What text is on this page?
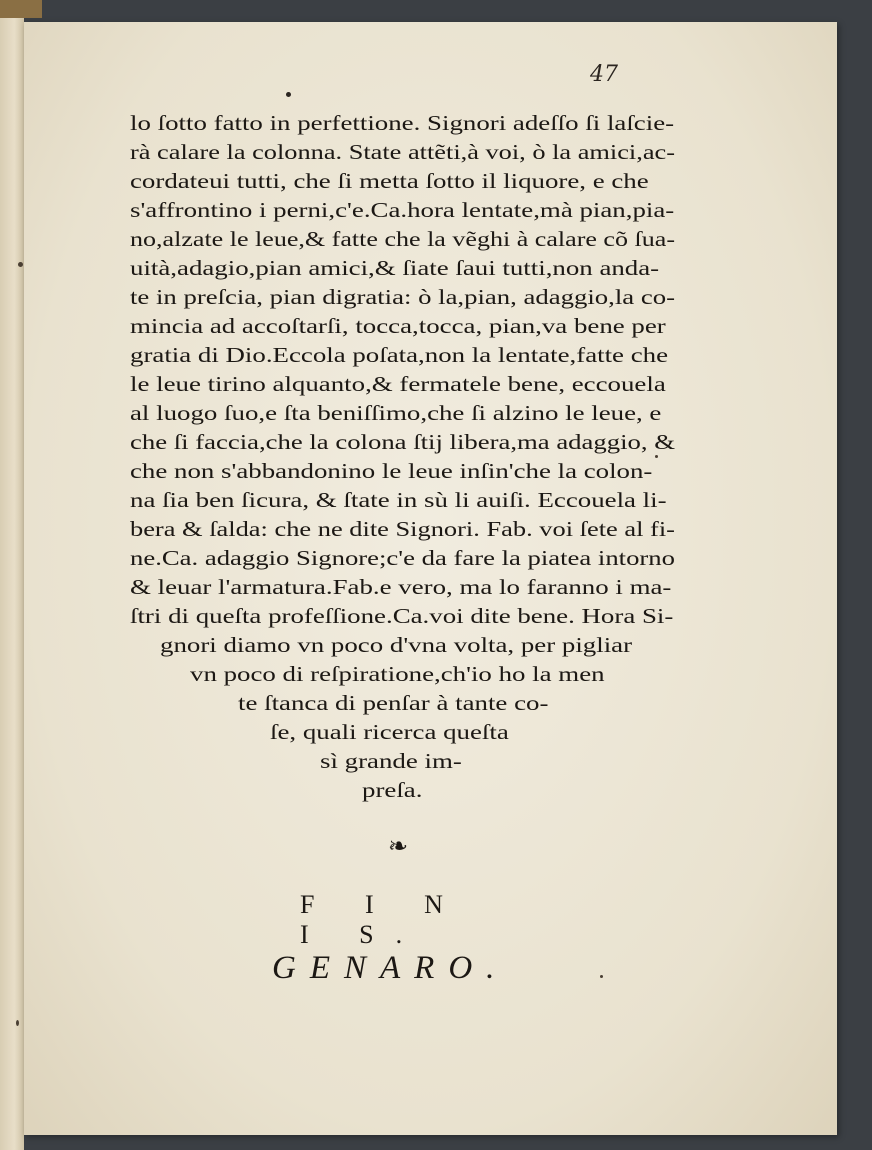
47
lo ſotto fatto in perfettione. Signori adeſſo ſi laſcie-
rà calare la colonna. State attẽti,à voi, ò la amici,ac-
cordateui tutti, che ſi metta ſotto il liquore, e che
s'affrontino i perni,c'e.Ca.hora lentate,mà pian,pia-
no,alzate le leue,& fatte che la vẽghi à calare cõ ſua-
uità,adagio,pian amici,& ſiate ſaui tutti,non anda-
te in preſcia, pian digratia: ò la,pian, adaggio,la co-
mincia ad accoſtarſi, tocca,tocca, pian,va bene per
gratia di Dio.Eccola poſata,non la lentate,fatte che
le leue tirino alquanto,& fermatele bene, eccouela
al luogo ſuo,e ſta beniſſimo,che ſi alzino le leue, e
che ſi faccia,che la colona ſtij libera,ma adaggio, &
che non s'abbandonino le leue inſin'che la colon-
na ſia ben ſicura, & ſtate in sù li auiſi. Eccouela li-
bera & ſalda: che ne dite Signori. Fab. voi ſete al fi-
ne.Ca. adaggio Signore;c'e da fare la piatea intorno
& leuar l'armatura.Fab.e vero, ma lo faranno i ma-
ſtri di queſta profeſſione.Ca.voi dite bene. Hora Si-
gnori diamo vn poco d'vna volta, per pigliar
vn poco di reſpiratione,ch'io ho la men
te ſtanca di penſar à tante co-
ſe, quali ricerca queſta
sì grande im-
preſa.
❧
F I N I S.
GENARO.
